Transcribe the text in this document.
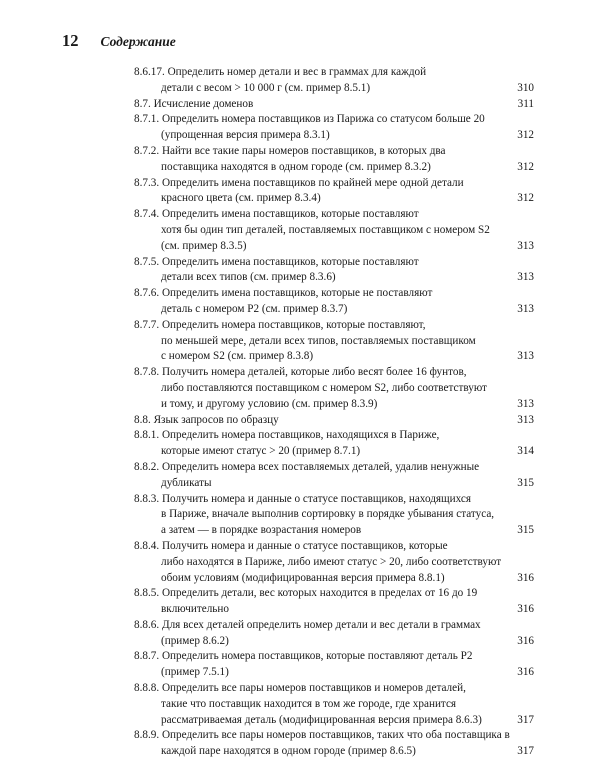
12 Содержание
8.6.17. Определить номер детали и вес в граммах для каждой
детали с весом > 10 000 г (см. пример 8.5.1)	310
8.7. Исчисление доменов	311
8.7.1. Определить номера поставщиков из Парижа со статусом больше 20
(упрощенная версия примера 8.3.1)	312
8.7.2. Найти все такие пары номеров поставщиков, в которых два
поставщика находятся в одном городе (см. пример 8.3.2)	312
8.7.3. Определить имена поставщиков по крайней мере одной детали
красного цвета (см. пример 8.3.4)	312
8.7.4. Определить имена поставщиков, которые поставляют
хотя бы один тип деталей, поставляемых поставщиком с номером S2
(см. пример 8.3.5)	313
8.7.5. Определить имена поставщиков, которые поставляют
детали всех типов (см. пример 8.3.6)	313
8.7.6. Определить имена поставщиков, которые не поставляют
деталь с номером P2 (см. пример 8.3.7)	313
8.7.7. Определить номера поставщиков, которые поставляют,
по меньшей мере, детали всех типов, поставляемых поставщиком
с номером S2 (см. пример 8.3.8)	313
8.7.8. Получить номера деталей, которые либо весят более 16 фунтов,
либо поставляются поставщиком с номером S2, либо соответствуют
и тому, и другому условию (см. пример 8.3.9)	313
8.8. Язык запросов по образцу	313
8.8.1. Определить номера поставщиков, находящихся в Париже,
которые имеют статус > 20 (пример 8.7.1)	314
8.8.2. Определить номера всех поставляемых деталей, удалив ненужные
дубликаты	315
8.8.3. Получить номера и данные о статусе поставщиков, находящихся
в Париже, вначале выполнив сортировку в порядке убывания статуса,
а затем — в порядке возрастания номеров	315
8.8.4. Получить номера и данные о статусе поставщиков, которые
либо находятся в Париже, либо имеют статус > 20, либо соответствуют
обоим условиям (модифицированная версия примера 8.8.1)	316
8.8.5. Определить детали, вес которых находится в пределах от 16 до 19
включительно	316
8.8.6. Для всех деталей определить номер детали и вес детали в граммах
(пример 8.6.2)	316
8.8.7. Определить номера поставщиков, которые поставляют деталь P2
(пример 7.5.1)	316
8.8.8. Определить все пары номеров поставщиков и номеров деталей,
такие что поставщик находится в том же городе, где хранится
рассматриваемая деталь (модифицированная версия примера 8.6.3)	317
8.8.9. Определить все пары номеров поставщиков, таких что оба поставщика в
каждой паре находятся в одном городе (пример 8.6.5)	317
